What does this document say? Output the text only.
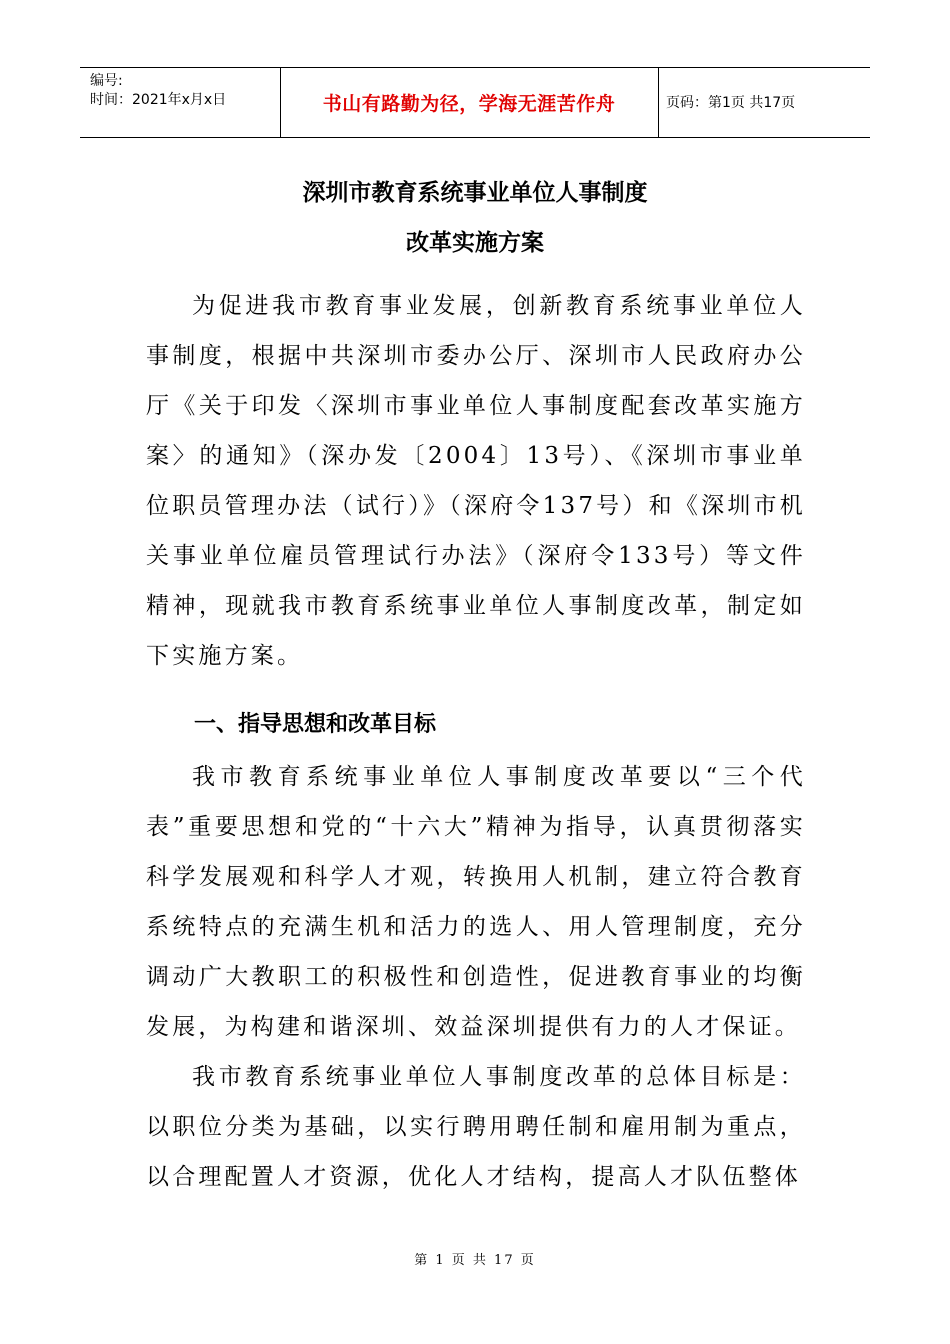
编号:
时间：2021年x月x日	书山有路勤为径，学海无涯苦作舟	页码：第1页 共17页
深圳市教育系统事业单位人事制度
改革实施方案

为促进我市教育事业发展，创新教育系统事业单位人事制度，根据中共深圳市委办公厅、深圳市人民政府办公厅《关于印发〈深圳市事业单位人事制度配套改革实施方案〉的通知》（深办发〔2004〕13号）、《深圳市事业单位职员管理办法（试行）》（深府令137号）和《深圳市机关事业单位雇员管理试行办法》（深府令133号）等文件精神，现就我市教育系统事业单位人事制度改革，制定如下实施方案。

一、指导思想和改革目标

我市教育系统事业单位人事制度改革要以“三个代表”重要思想和党的“十六大”精神为指导，认真贯彻落实科学发展观和科学人才观，转换用人机制，建立符合教育系统特点的充满生机和活力的选人、用人管理制度，充分调动广大教职工的积极性和创造性，促进教育事业的均衡发展，为构建和谐深圳、效益深圳提供有力的人才保证。

我市教育系统事业单位人事制度改革的总体目标是：以职位分类为基础，以实行聘用聘任制和雇用制为重点，以合理配置人才资源，优化人才结构，提高人才队伍整体

第 1 页 共 17 页
